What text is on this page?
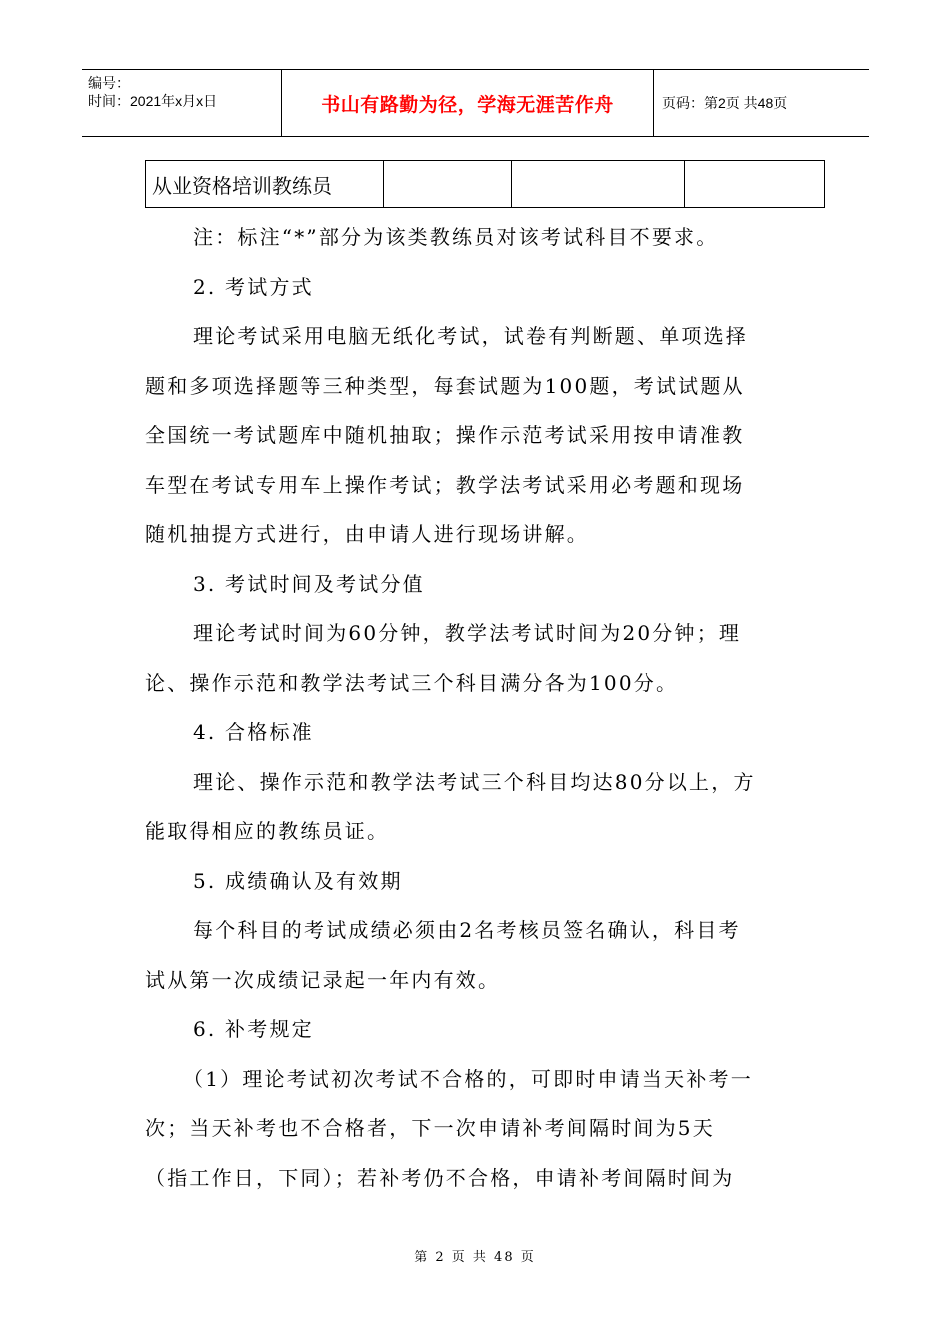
编号：
时间：2021年x月x日	书山有路勤为径，学海无涯苦作舟	页码：第2页 共48页
从业资格培训教练员

注：标注“*”部分为该类教练员对该考试科目不要求。

2. 考试方式

理论考试采用电脑无纸化考试，试卷有判断题、单项选择

题和多项选择题等三种类型，每套试题为100题，考试试题从

全国统一考试题库中随机抽取；操作示范考试采用按申请准教

车型在考试专用车上操作考试；教学法考试采用必考题和现场

随机抽提方式进行，由申请人进行现场讲解。

3. 考试时间及考试分值

理论考试时间为60分钟，教学法考试时间为20分钟；理

论、操作示范和教学法考试三个科目满分各为100分。

4. 合格标准

理论、操作示范和教学法考试三个科目均达80分以上，方

能取得相应的教练员证。

5. 成绩确认及有效期

每个科目的考试成绩必须由2名考核员签名确认，科目考

试从第一次成绩记录起一年内有效。

6. 补考规定

（1）理论考试初次考试不合格的，可即时申请当天补考一

次；当天补考也不合格者，下一次申请补考间隔时间为5天

（指工作日，下同）；若补考仍不合格，申请补考间隔时间为

第 2 页 共 48 页
